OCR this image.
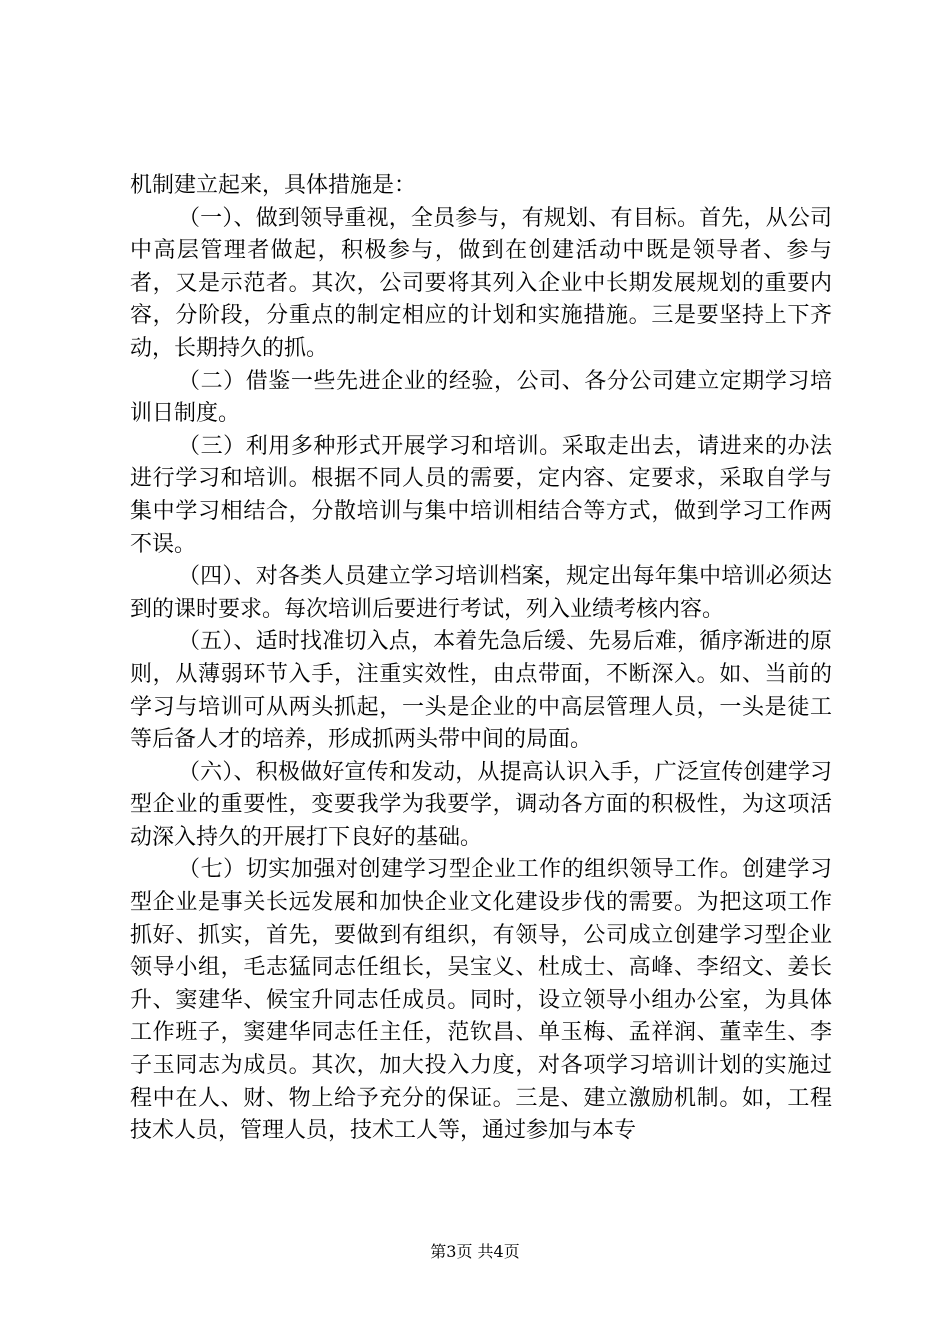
机制建立起来，具体措施是：

（一）、做到领导重视，全员参与，有规划、有目标。首先，从公司中高层管理者做起，积极参与，做到在创建活动中既是领导者、参与者，又是示范者。其次，公司要将其列入企业中长期发展规划的重要内容，分阶段，分重点的制定相应的计划和实施措施。三是要坚持上下齐动，长期持久的抓。

（二）借鉴一些先进企业的经验，公司、各分公司建立定期学习培训日制度。

（三）利用多种形式开展学习和培训。采取走出去，请进来的办法进行学习和培训。根据不同人员的需要，定内容、定要求，采取自学与集中学习相结合，分散培训与集中培训相结合等方式，做到学习工作两不误。

（四）、对各类人员建立学习培训档案，规定出每年集中培训必须达到的课时要求。每次培训后要进行考试，列入业绩考核内容。

（五）、适时找准切入点，本着先急后缓、先易后难，循序渐进的原则，从薄弱环节入手，注重实效性，由点带面，不断深入。如、当前的学习与培训可从两头抓起，一头是企业的中高层管理人员，一头是徒工等后备人才的培养，形成抓两头带中间的局面。

（六）、积极做好宣传和发动，从提高认识入手，广泛宣传创建学习型企业的重要性，变要我学为我要学，调动各方面的积极性，为这项活动深入持久的开展打下良好的基础。

（七）切实加强对创建学习型企业工作的组织领导工作。创建学习型企业是事关长远发展和加快企业文化建设步伐的需要。为把这项工作抓好、抓实，首先，要做到有组织，有领导，公司成立创建学习型企业领导小组，毛志猛同志任组长，吴宝义、杜成士、高峰、李绍文、姜长升、窦建华、候宝升同志任成员。同时，设立领导小组办公室，为具体工作班子，窦建华同志任主任，范钦昌、单玉梅、孟祥润、董幸生、李子玉同志为成员。其次，加大投入力度，对各项学习培训计划的实施过程中在人、财、物上给予充分的保证。三是、建立激励机制。如，工程技术人员，管理人员，技术工人等，通过参加与本专

第3页 共4页
